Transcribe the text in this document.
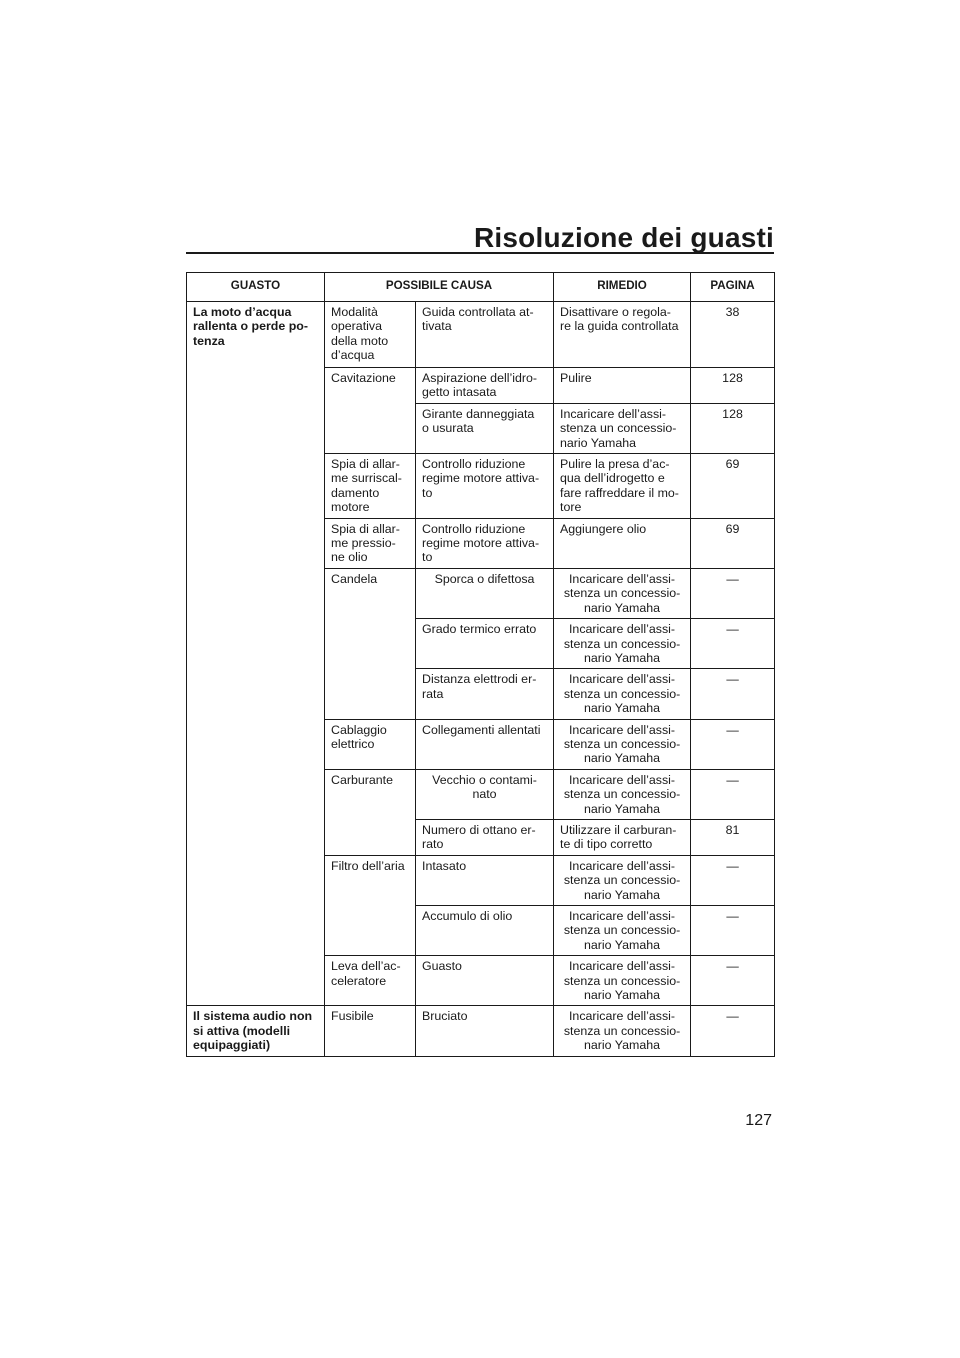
Risoluzione dei guasti
GUASTO	POSSIBILE CAUSA		RIMEDIO	PAGINA
La moto d’acqua
rallenta o perde po-
tenza	Modalità
operativa
della moto
d’acqua	Guida controllata at-
tivata	Disattivare o regola-
re la guida controllata	38
	Cavitazione	Aspirazione dell’idro-
getto intasata	Pulire	128
		Girante danneggiata
o usurata	Incaricare dell’assi-
stenza un concessio-
nario Yamaha	128
	Spia di allar-
me surriscal-
damento
motore	Controllo riduzione
regime motore attiva-
to	Pulire la presa d’ac-
qua dell’idrogetto e
fare raffreddare il mo-
tore	69
	Spia di allar-
me pressio-
ne olio	Controllo riduzione
regime motore attiva-
to	Aggiungere olio	69
	Candela	Sporca o difettosa	Incaricare dell’assi-
stenza un concessio-
nario Yamaha	—
		Grado termico errato	Incaricare dell’assi-
stenza un concessio-
nario Yamaha	—
		Distanza elettrodi er-
rata	Incaricare dell’assi-
stenza un concessio-
nario Yamaha	—
	Cablaggio
elettrico	Collegamenti allentati	Incaricare dell’assi-
stenza un concessio-
nario Yamaha	—
	Carburante	Vecchio o contami-
nato	Incaricare dell’assi-
stenza un concessio-
nario Yamaha	—
		Numero di ottano er-
rato	Utilizzare il carburan-
te di tipo corretto	81
	Filtro dell’aria	Intasato	Incaricare dell’assi-
stenza un concessio-
nario Yamaha	—
		Accumulo di olio	Incaricare dell’assi-
stenza un concessio-
nario Yamaha	—
	Leva dell’ac-
celeratore	Guasto	Incaricare dell’assi-
stenza un concessio-
nario Yamaha	—
Il sistema audio non
si attiva (modelli
equipaggiati)	Fusibile	Bruciato	Incaricare dell’assi-
stenza un concessio-
nario Yamaha	—
127
